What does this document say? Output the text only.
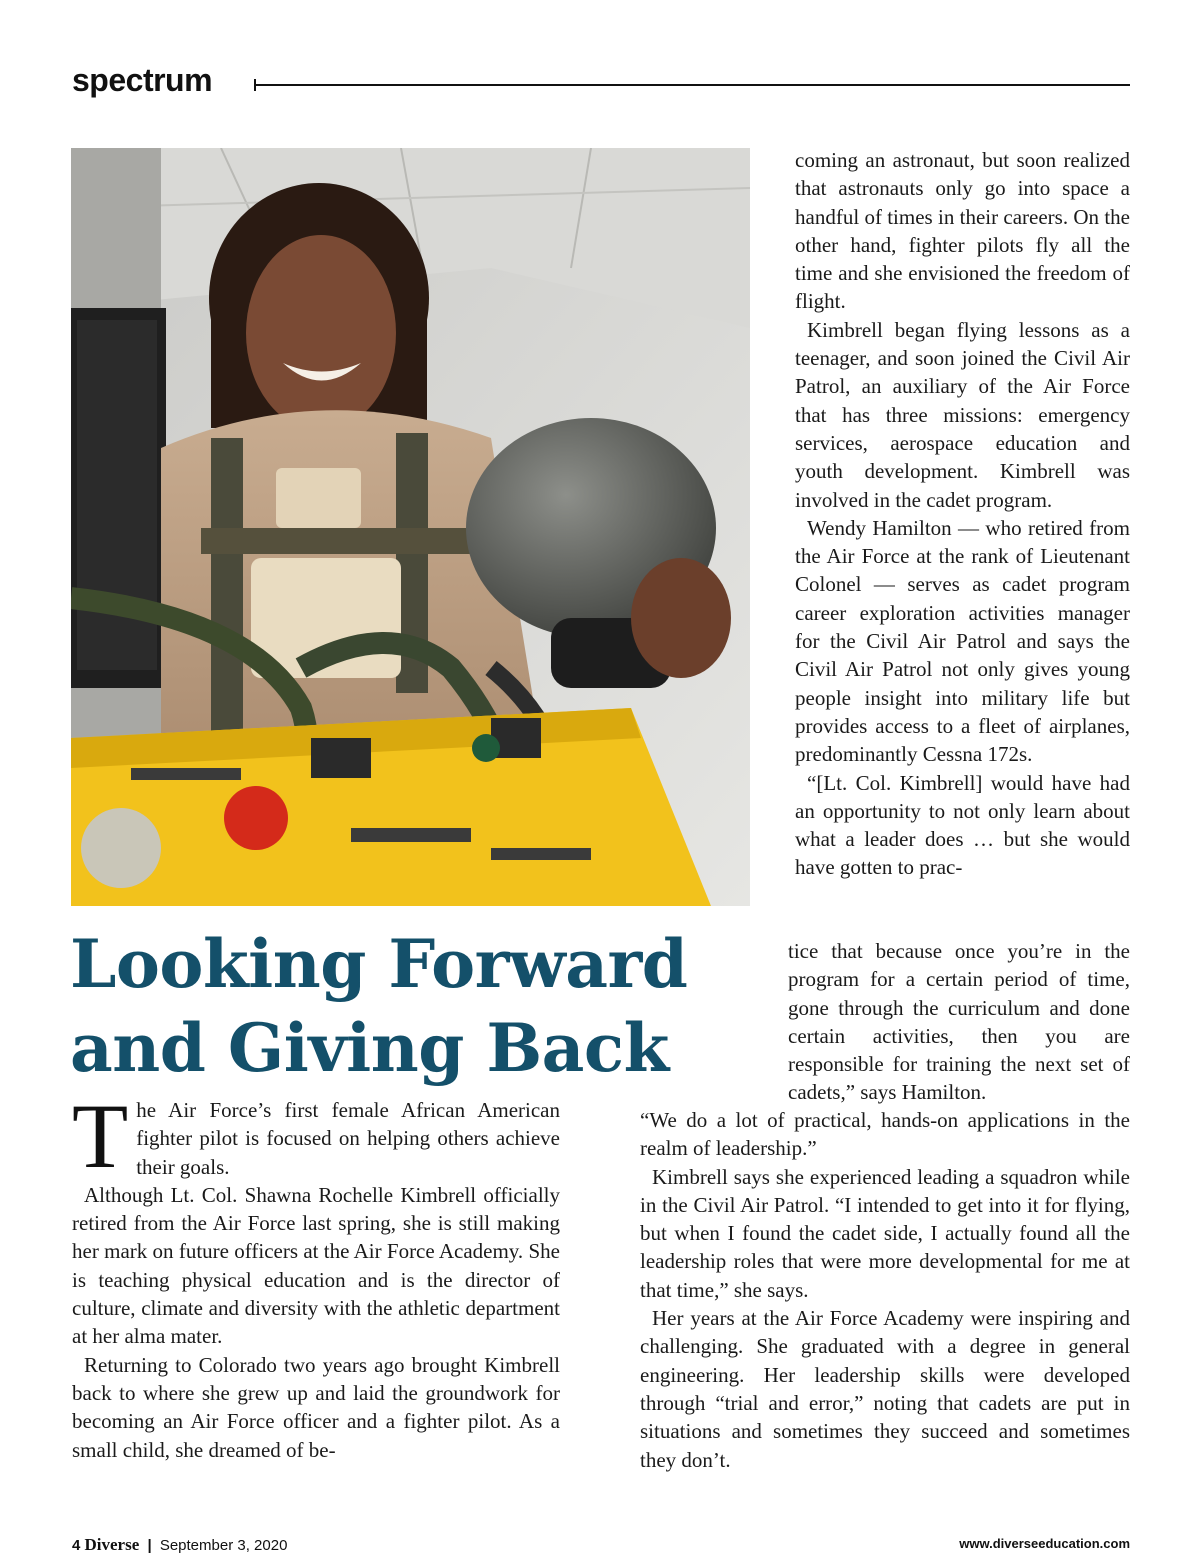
spectrum
Looking Forward
and Giving Back

coming an astronaut, but soon realized that astronauts only go into space a handful of times in their careers. On the other hand, fighter pilots fly all the time and she envisioned the freedom of flight.

Kimbrell began flying lessons as a teenager, and soon joined the Civil Air Patrol, an auxiliary of the Air Force that has three missions: emergency services, aerospace education and youth development. Kimbrell was involved in the cadet program.

Wendy Hamilton — who retired from the Air Force at the rank of Lieutenant Colonel — serves as cadet program career exploration activities manager for the Civil Air Patrol and says the Civil Air Patrol not only gives young people insight into military life but provides access to a fleet of airplanes, predominantly Cessna 172s.

“[Lt. Col. Kimbrell] would have had an opportunity to not only learn about what a leader does … but she would have gotten to prac-

tice that because once you’re in the program for a certain period of time, gone through the curriculum and done certain activities, then you are responsible for training the next set of cadets,” says Hamilton.

The Air Force’s first female African American fighter pilot is focused on helping others achieve their goals.

Although Lt. Col. Shawna Rochelle Kimbrell officially retired from the Air Force last spring, she is still making her mark on future officers at the Air Force Academy. She is teaching physical education and is the director of culture, climate and diversity with the athletic department at her alma mater.

Returning to Colorado two years ago brought Kimbrell back to where she grew up and laid the groundwork for becoming an Air Force officer and a fighter pilot. As a small child, she dreamed of be-

“We do a lot of practical, hands-on applications in the realm of leadership.”

Kimbrell says she experienced leading a squadron while in the Civil Air Patrol. “I intended to get into it for flying, but when I found the cadet side, I actually found all the leadership roles that were more developmental for me at that time,” she says.

Her years at the Air Force Academy were inspiring and challenging. She graduated with a degree in general engineering. Her leadership skills were developed through “trial and error,” noting that cadets are put in situations and sometimes they succeed and sometimes they don’t.

4 Diverse | September 3, 2020	www.diverseeducation.com
